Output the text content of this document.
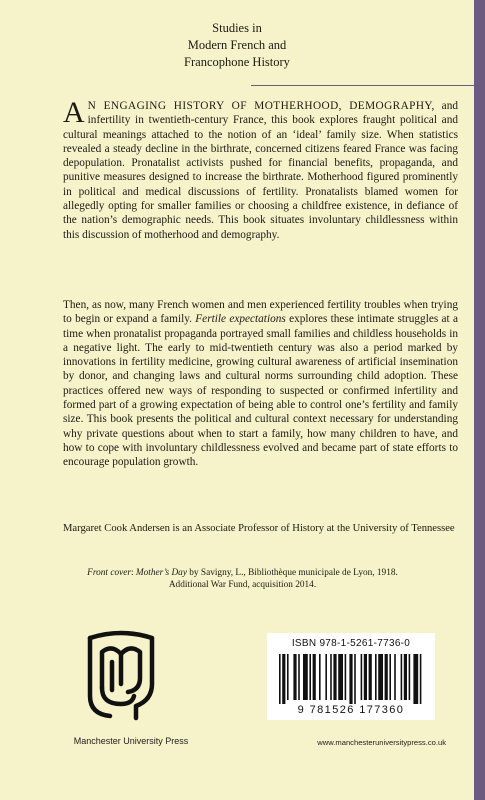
Studies in
Modern French and
Francophone History
A N ENGAGING HISTORY OF MOTHERHOOD, DEMOGRAPHY, and infertility in twentieth-century France, this book explores fraught political and cultural meanings attached to the notion of an ‘ideal’ family size. When statistics revealed a steady decline in the birthrate, concerned citizens feared France was facing depopulation. Pronatalist activists pushed for financial benefits, propaganda, and punitive measures designed to increase the birthrate. Motherhood figured prominently in political and medical discussions of fertility. Pronatalists blamed women for allegedly opting for smaller families or choosing a childfree existence, in defiance of the nation’s demographic needs. This book situates involuntary childlessness within this discussion of motherhood and demography.
Then, as now, many French women and men experienced fertility troubles when trying to begin or expand a family. Fertile expectations explores these intimate struggles at a time when pronatalist propaganda portrayed small families and childless households in a negative light. The early to mid-twentieth century was also a period marked by innovations in fertility medicine, growing cultural awareness of artificial insemination by donor, and changing laws and cultural norms surrounding child adoption. These practices offered new ways of responding to suspected or confirmed infertility and formed part of a growing expectation of being able to control one’s fertility and family size. This book presents the political and cultural context necessary for understanding why private questions about when to start a family, how many children to have, and how to cope with involuntary childlessness evolved and became part of state efforts to encourage population growth.
Margaret Cook Andersen is an Associate Professor of History at the University of Tennessee
Front cover: Mother’s Day by Savigny, L., Bibliothèque municipale de Lyon, 1918.
Additional War Fund, acquisition 2014.
Manchester University Press
ISBN 978-1-5261-7736-0
9 781526 177360
www.manchesteruniversitypress.co.uk
